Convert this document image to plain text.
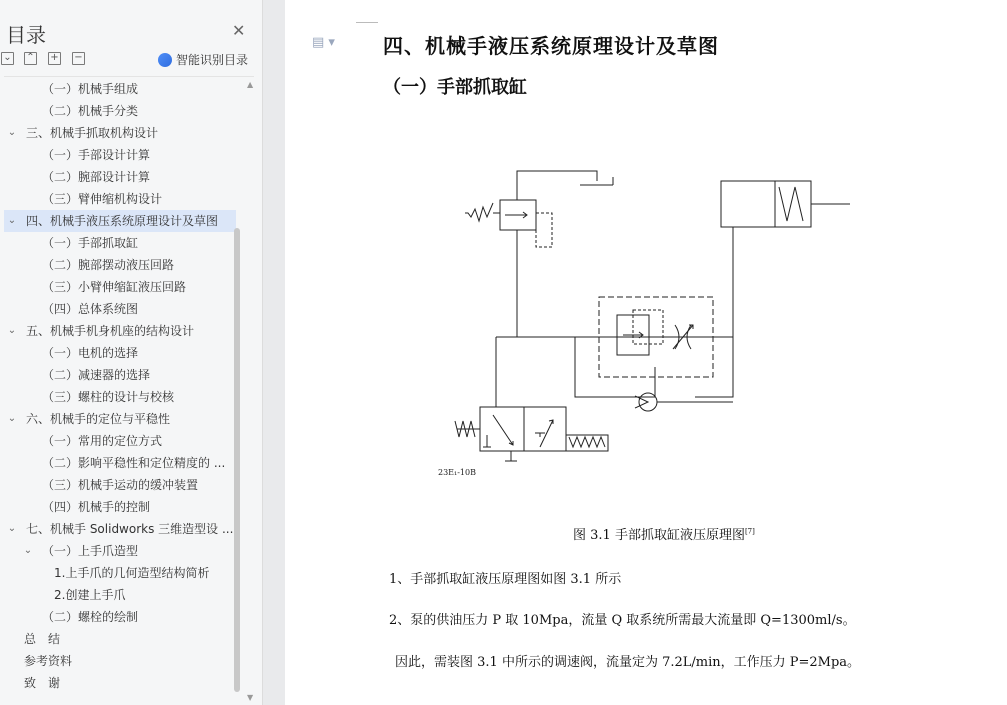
目录	✕
⌄ ⌃ + −	智能识别目录
（一）机械手组成
（二）机械手分类
⌄ 三、机械手抓取机构设计
（一）手部设计计算
（二）腕部设计计算
（三）臂伸缩机构设计
⌄ 四、机械手液压系统原理设计及草图
（一）手部抓取缸
（二）腕部摆动液压回路
（三）小臂伸缩缸液压回路
（四）总体系统图
⌄ 五、机械手机身机座的结构设计
（一）电机的选择
（二）减速器的选择
（三）螺柱的设计与校核
⌄ 六、机械手的定位与平稳性
（一）常用的定位方式
（二）影响平稳性和定位精度的 ...
（三）机械手运动的缓冲装置
（四）机械手的控制
⌄ 七、机械手 Solidworks 三维造型设 ...
⌄ （一）上手爪造型
1.上手爪的几何造型结构简析
2.创建上手爪
（二）螺栓的绘制
总　结
参考资料
致　谢
▲
▼
▤ ▾ 四、机械手液压系统原理设计及草图
（一）手部抓取缸
23E₁-10B
图 3.1 手部抓取缸液压原理图[7]
1、手部抓取缸液压原理图如图 3.1 所示
2、泵的供油压力 P 取 10Mpa，流量 Q 取系统所需最大流量即 Q=1300ml/s。
因此，需装图 3.1 中所示的调速阀，流量定为 7.2L/min，工作压力 P=2Mpa。
